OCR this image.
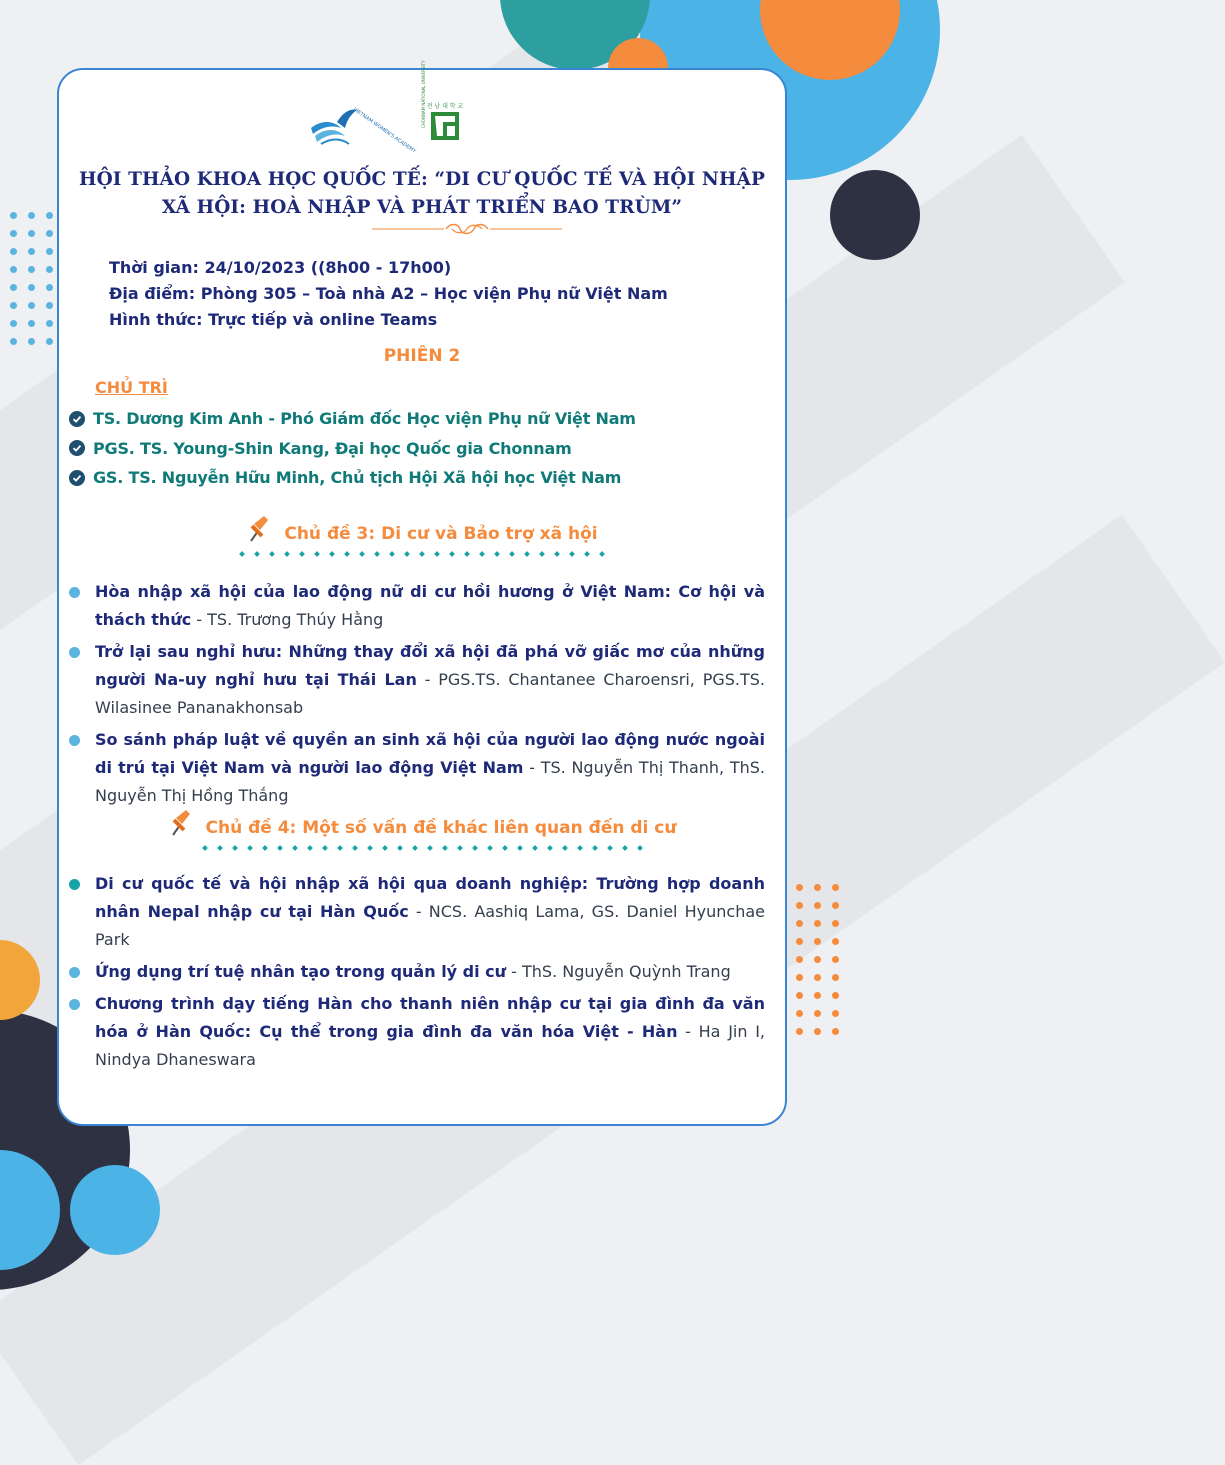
VIETNAM WOMEN'S ACADEMY
전 남 대 학 교
CHONNAM NATIONAL UNIVERSITY
HỘI THẢO KHOA HỌC QUỐC TẾ: “DI CƯ QUỐC TẾ VÀ HỘI NHẬP
XÃ HỘI: HOÀ NHẬP VÀ PHÁT TRIỂN BAO TRÙM”
Thời gian: 24/10/2023 ((8h00 - 17h00)
Địa điểm: Phòng 305 – Toà nhà A2 – Học viện Phụ nữ Việt Nam
Hình thức: Trực tiếp và online Teams
PHIÊN 2
CHỦ TRÌ
TS. Dương Kim Anh - Phó Giám đốc Học viện Phụ nữ Việt Nam
PGS. TS. Young-Shin Kang, Đại học Quốc gia Chonnam
GS. TS. Nguyễn Hữu Minh, Chủ tịch Hội Xã hội học Việt Nam
Chủ đề 3: Di cư và Bảo trợ xã hội
Hòa nhập xã hội của lao động nữ di cư hồi hương ở Việt Nam: Cơ hội và thách thức - TS. Trương Thúy Hằng
Trở lại sau nghỉ hưu: Những thay đổi xã hội đã phá vỡ giấc mơ của những người Na-uy nghỉ hưu tại Thái Lan - PGS.TS. Chantanee Charoensri, PGS.TS. Wilasinee Pananakhonsab
So sánh pháp luật về quyền an sinh xã hội của người lao động nước ngoài di trú tại Việt Nam và người lao động Việt Nam - TS. Nguyễn Thị Thanh, ThS. Nguyễn Thị Hồng Thắng
Chủ đề 4: Một số vấn đề khác liên quan đến di cư
Di cư quốc tế và hội nhập xã hội qua doanh nghiệp: Trường hợp doanh nhân Nepal nhập cư tại Hàn Quốc - NCS. Aashiq Lama, GS. Daniel Hyunchae Park
Ứng dụng trí tuệ nhân tạo trong quản lý di cư - ThS. Nguyễn Quỳnh Trang
Chương trình dạy tiếng Hàn cho thanh niên nhập cư tại gia đình đa văn hóa ở Hàn Quốc: Cụ thể trong gia đình đa văn hóa Việt - Hàn - Ha Jin I, Nindya Dhaneswara
